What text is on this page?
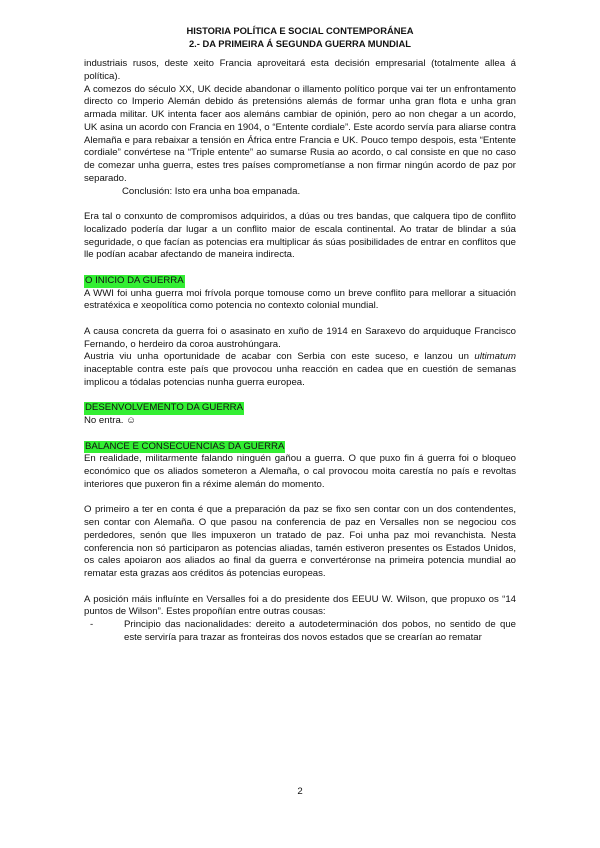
HISTORIA POLÍTICA E SOCIAL CONTEMPORÁNEA
2.- DA PRIMEIRA Á SEGUNDA GUERRA MUNDIAL

industriais rusos, deste xeito Francia aproveitará esta decisión empresarial (totalmente allea á política).

A comezos do século XX, UK decide abandonar o illamento político porque vai ter un enfrontamento directo co Imperio Alemán debido ás pretensións alemás de formar unha gran flota e unha gran armada militar. UK intenta facer aos alemáns cambiar de opinión, pero ao non chegar a un acordo, UK asina un acordo con Francia en 1904, o “Entente cordiale”. Este acordo servía para aliarse contra Alemaña e para rebaixar a tensión en África entre Francia e UK. Pouco tempo despois, esta “Entente cordiale” convértese na “Triple entente” ao sumarse Rusia ao acordo, o cal consiste en que no caso de comezar unha guerra, estes tres países comprometíanse a non firmar ningún acordo de paz por separado.

Conclusión: Isto era unha boa empanada.

Era tal o conxunto de compromisos adquiridos, a dúas ou tres bandas, que calquera tipo de conflito localizado podería dar lugar a un conflito maior de escala continental. Ao tratar de blindar a súa seguridade, o que facían as potencias era multiplicar ás súas posibilidades de entrar en conflitos que lle podían acabar afectando de maneira indirecta.

O INICIO DA GUERRA

A WWI foi unha guerra moi frívola porque tomouse como un breve conflito para mellorar a situación estratéxica e xeopolítica como potencia no contexto colonial mundial.

A causa concreta da guerra foi o asasinato en xuño de 1914 en Saraxevo do arquiduque Francisco Fernando, o herdeiro da coroa austrohúngara.

Austria viu unha oportunidade de acabar con Serbia con este suceso, e lanzou un ultimatum inaceptable contra este país que provocou unha reacción en cadea que en cuestión de semanas implicou a tódalas potencias nunha guerra europea.

DESENVOLVEMENTO DA GUERRA

No entra. ☺

BALANCE E CONSECUENCIAS DA GUERRA

En realidade, militarmente falando ninguén gañou a guerra. O que puxo fin á guerra foi o bloqueo económico que os aliados someteron a Alemaña, o cal provocou moita carestía no país e revoltas interiores que puxeron fin a réxime alemán do momento.

O primeiro a ter en conta é que a preparación da paz se fixo sen contar con un dos contendentes, sen contar con Alemaña. O que pasou na conferencia de paz en Versalles non se negociou cos perdedores, senón que lles impuxeron un tratado de paz. Foi unha paz moi revanchista. Nesta conferencia non só participaron as potencias aliadas, tamén estiveron presentes os Estados Unidos, os cales apoiaron aos aliados ao final da guerra e convertéronse na primeira potencia mundial ao rematar esta grazas aos créditos ás potencias europeas.

A posición máis influínte en Versalles foi a do presidente dos EEUU W. Wilson, que propuxo os “14 puntos de Wilson”. Estes propoñían entre outras cousas:

-	Principio das nacionalidades: dereito a autodeterminación dos pobos, no sentido de que este serviría para trazar as fronteiras dos novos estados que se crearían ao rematar

2
